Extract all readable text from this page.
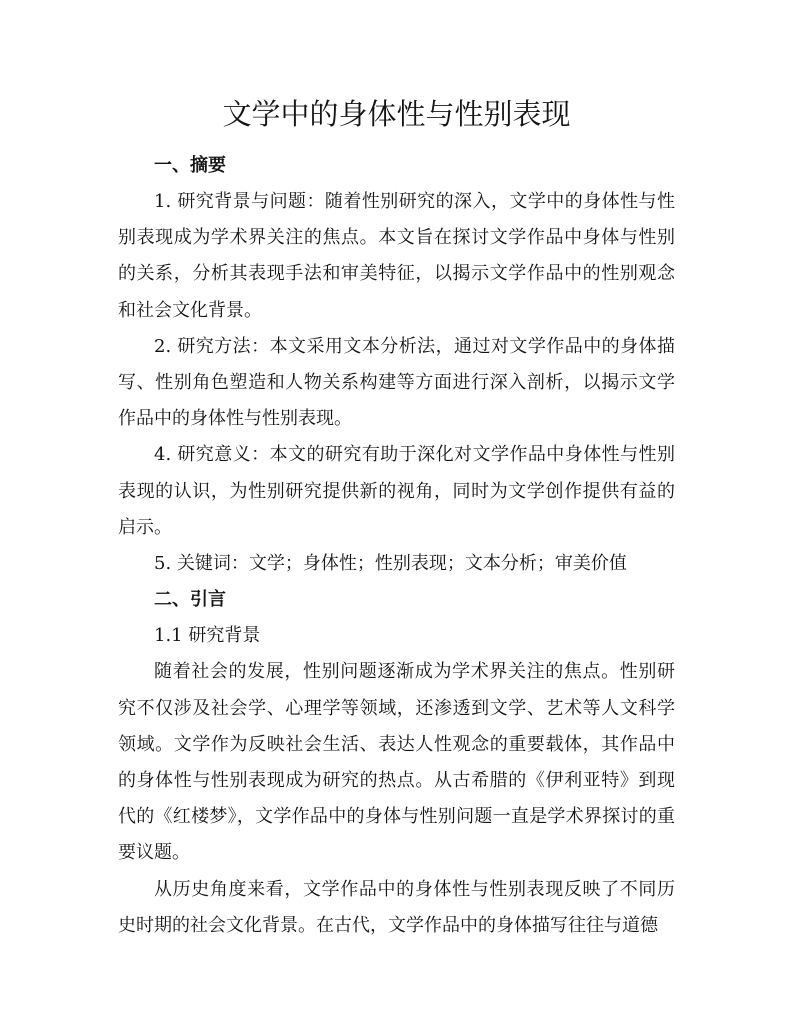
文学中的身体性与性别表现
一、摘要

1. 研究背景与问题：随着性别研究的深入，文学中的身体性与性别表现成为学术界关注的焦点。本文旨在探讨文学作品中身体与性别的关系，分析其表现手法和审美特征，以揭示文学作品中的性别观念和社会文化背景。

2. 研究方法：本文采用文本分析法，通过对文学作品中的身体描写、性别角色塑造和人物关系构建等方面进行深入剖析，以揭示文学作品中的身体性与性别表现。

4. 研究意义：本文的研究有助于深化对文学作品中身体性与性别表现的认识，为性别研究提供新的视角，同时为文学创作提供有益的启示。

5. 关键词：文学；身体性；性别表现；文本分析；审美价值

二、引言
1.1 研究背景

随着社会的发展，性别问题逐渐成为学术界关注的焦点。性别研究不仅涉及社会学、心理学等领域，还渗透到文学、艺术等人文科学领域。文学作为反映社会生活、表达人性观念的重要载体，其作品中的身体性与性别表现成为研究的热点。从古希腊的《伊利亚特》到现代的《红楼梦》，文学作品中的身体与性别问题一直是学术界探讨的重要议题。

从历史角度来看，文学作品中的身体性与性别表现反映了不同历史时期的社会文化背景。在古代，文学作品中的身体描写往往与道德
